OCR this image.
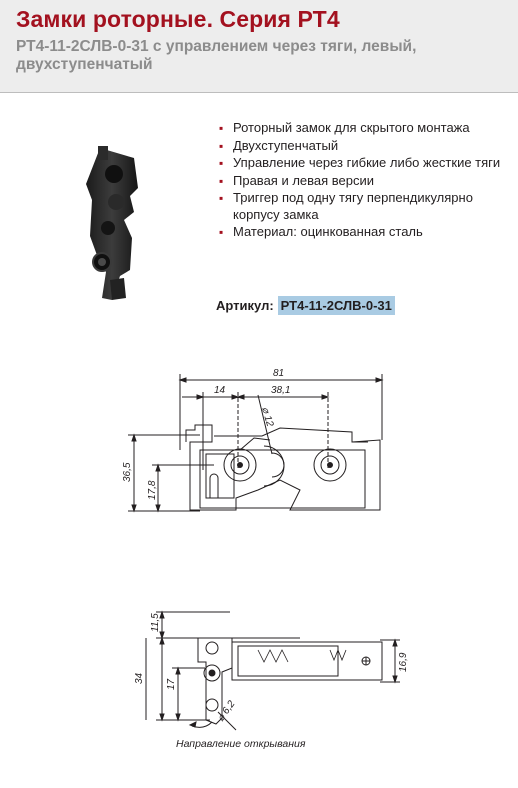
Замки роторные. Серия РТ4
РТ4-11-2СЛВ-0-31 с управлением через тяги, левый, двухступенчатый
▪ Роторный замок для скрытого монтажа
▪ Двухступенчатый
▪ Управление через гибкие либо жесткие тяги
▪ Правая и левая версии
▪ Триггер под одну тягу перпендикулярно корпусу замка
▪ Материал: оцинкованная сталь
Артикул: РТ4-11-2СЛВ-0-31
81
14	38,1
⌀ 12
36,5
17,8
11,5
34
17
16,9
⌀ 6,2
Направление открывания
